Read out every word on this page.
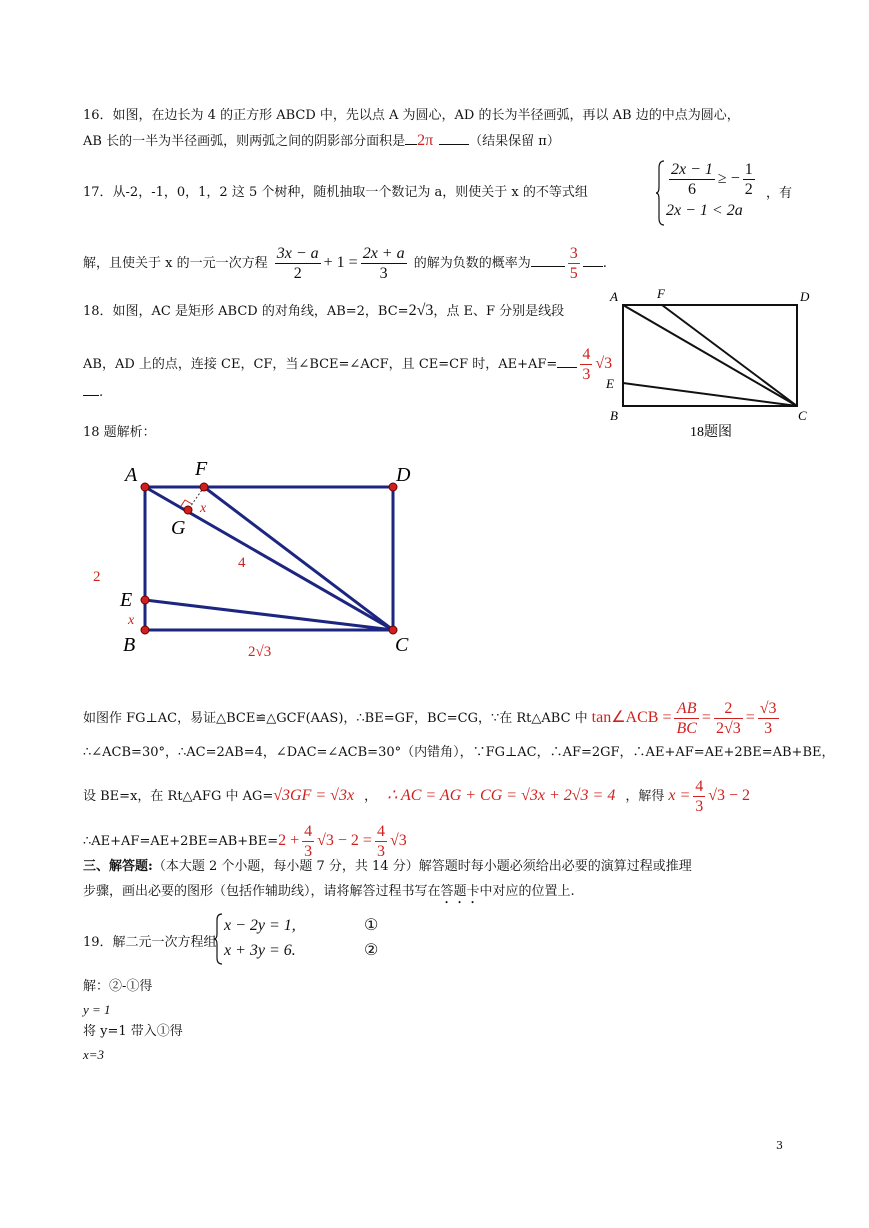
16．如图，在边长为 4 的正方形 ABCD 中，先以点 A 为圆心，AD 的长为半径画弧，再以 AB 边的中点为圆心，
AB 长的一半为半径画弧，则两弧之间的阴影部分面积是 2π	（结果保留 π）
17．从-2，-1，0，1，2 这 5 个树种，随机抽取一个数记为 a，则使关于 x 的不等式组	$\frac{2x - 1}{6}$ ≥ − $\frac{1}{2}$
2x − 1 < 2a
，有
解，且使关于 x 的一元一次方程 $\frac{3x - a}{2} + 1 = \frac{2x + a}{3}$ 的解为负数的概率为 $\frac{3}{5}$ .
18．如图，AC 是矩形 ABCD 的对角线，AB=2，BC=2√3，点 E、F 分别是线段
AB，AD 上的点，连接 CE，CF，当∠BCE=∠ACF，且 CE=CF 时，$AE+AF= \frac{4}{3} √3$
.
A	F	D
E
B	C
18题图
18 题解析：
A	F	D
G
E
B	C
x
x
4
2
2√3
如图作 FG⊥AC，易证△BCE≌△GCF(AAS)，∴BE=GF，BC=CG，∵在 Rt△ABC 中 tan∠ACB = $\frac{AB}{BC} = \frac{2}{2√3} = \frac{√3}{3}$
∴∠ACB=30°，∴AC=2AB=4，∠DAC=∠ACB=30°（内错角），∵FG⊥AC，∴AF=2GF，∴AE+AF=AE+2BE=AB+BE，
设 BE=x，在 Rt△AFG 中 AG=√3GF = √3x ， ∴ AC = AG + CG = √3x + 2√3 = 4 ，解得 $x = \frac{4}{3} √3 - 2$
∴AE+AF=AE+2BE=AB+BE=2 + $\frac{4}{3} √3 - 2 = \frac{4}{3} √3$
三、解答题:（本大题 2 个小题，每小题 7 分，共 14 分）解答题时每小题必须给出必要的演算过程或推理
步骤，画出必要的图形（包括作辅助线），请将解答过程书写在答题卡中对应的位置上.
19．解二元一次方程组
x − 2y = 1,	①
x + 3y = 6.	②
解：②-①得
y = 1
将 y=1 带入①得
x=3
3
